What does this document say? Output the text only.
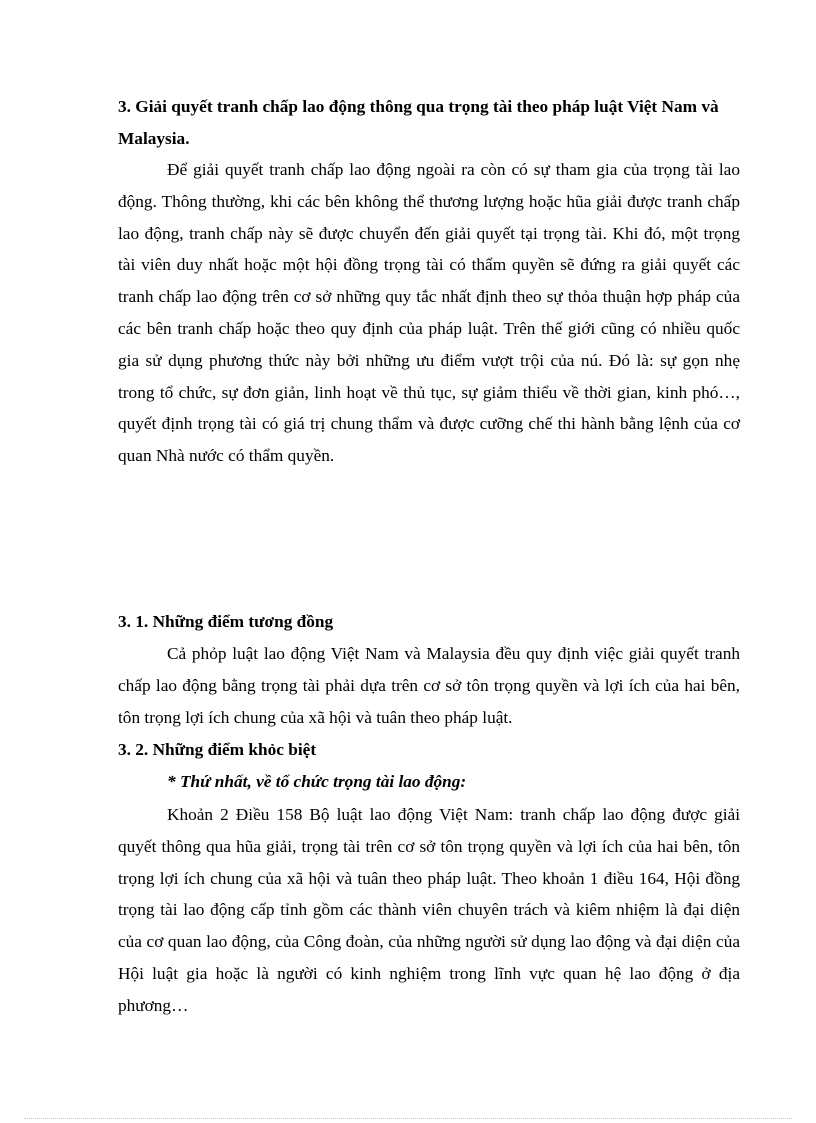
3. Giải quyết tranh chấp lao động thông qua trọng tài theo pháp luật Việt Nam và Malaysia.

Để giải quyết tranh chấp lao động ngoài ra còn có sự tham gia của trọng tài lao động. Thông thường, khi các bên không thể thương lượng hoặc hũa giải được tranh chấp lao động, tranh chấp này sẽ được chuyển đến giải quyết tại trọng tài. Khi đó, một trọng tài viên duy nhất hoặc một hội đồng trọng tài có thẩm quyền sẽ đứng ra giải quyết các tranh chấp lao động trên cơ sở những quy tắc nhất định theo sự thỏa thuận hợp pháp của các bên tranh chấp hoặc theo quy định của pháp luật. Trên thế giới cũng có nhiều quốc gia sử dụng phương thức này bởi những ưu điểm vượt trội của nú. Đó là: sự gọn nhẹ trong tổ chức, sự đơn giản, linh hoạt về thủ tục, sự giảm thiểu về thời gian, kinh phó…, quyết định trọng tài có giá trị chung thẩm và được cưỡng chế thi hành bằng lệnh của cơ quan Nhà nước có thẩm quyền.

3. 1. Những điểm tương đồng

Cả phỏp luật lao động Việt Nam và Malaysia đều quy định việc giải quyết tranh chấp lao động bằng trọng tài phải dựa trên cơ sở tôn trọng quyền và lợi ích của hai bên, tôn trọng lợi ích chung của xã hội và tuân theo pháp luật.

3. 2. Những điểm khỏc biệt

* Thứ nhất, về tổ chức trọng tài lao động:

Khoản 2 Điều 158 Bộ luật lao động Việt Nam: tranh chấp lao động được giải quyết thông qua hũa giải, trọng tài trên cơ sở tôn trọng quyền và lợi ích của hai bên, tôn trọng lợi ích chung của xã hội và tuân theo pháp luật. Theo khoản 1 điều 164, Hội đồng trọng tài lao động cấp tỉnh gồm các thành viên chuyên trách và kiêm nhiệm là đại diện của cơ quan lao động, của Công đoàn, của những người sử dụng lao động và đại diện của Hội luật gia hoặc là người có kinh nghiệm trong lĩnh vực quan hệ lao động ở địa phương…
